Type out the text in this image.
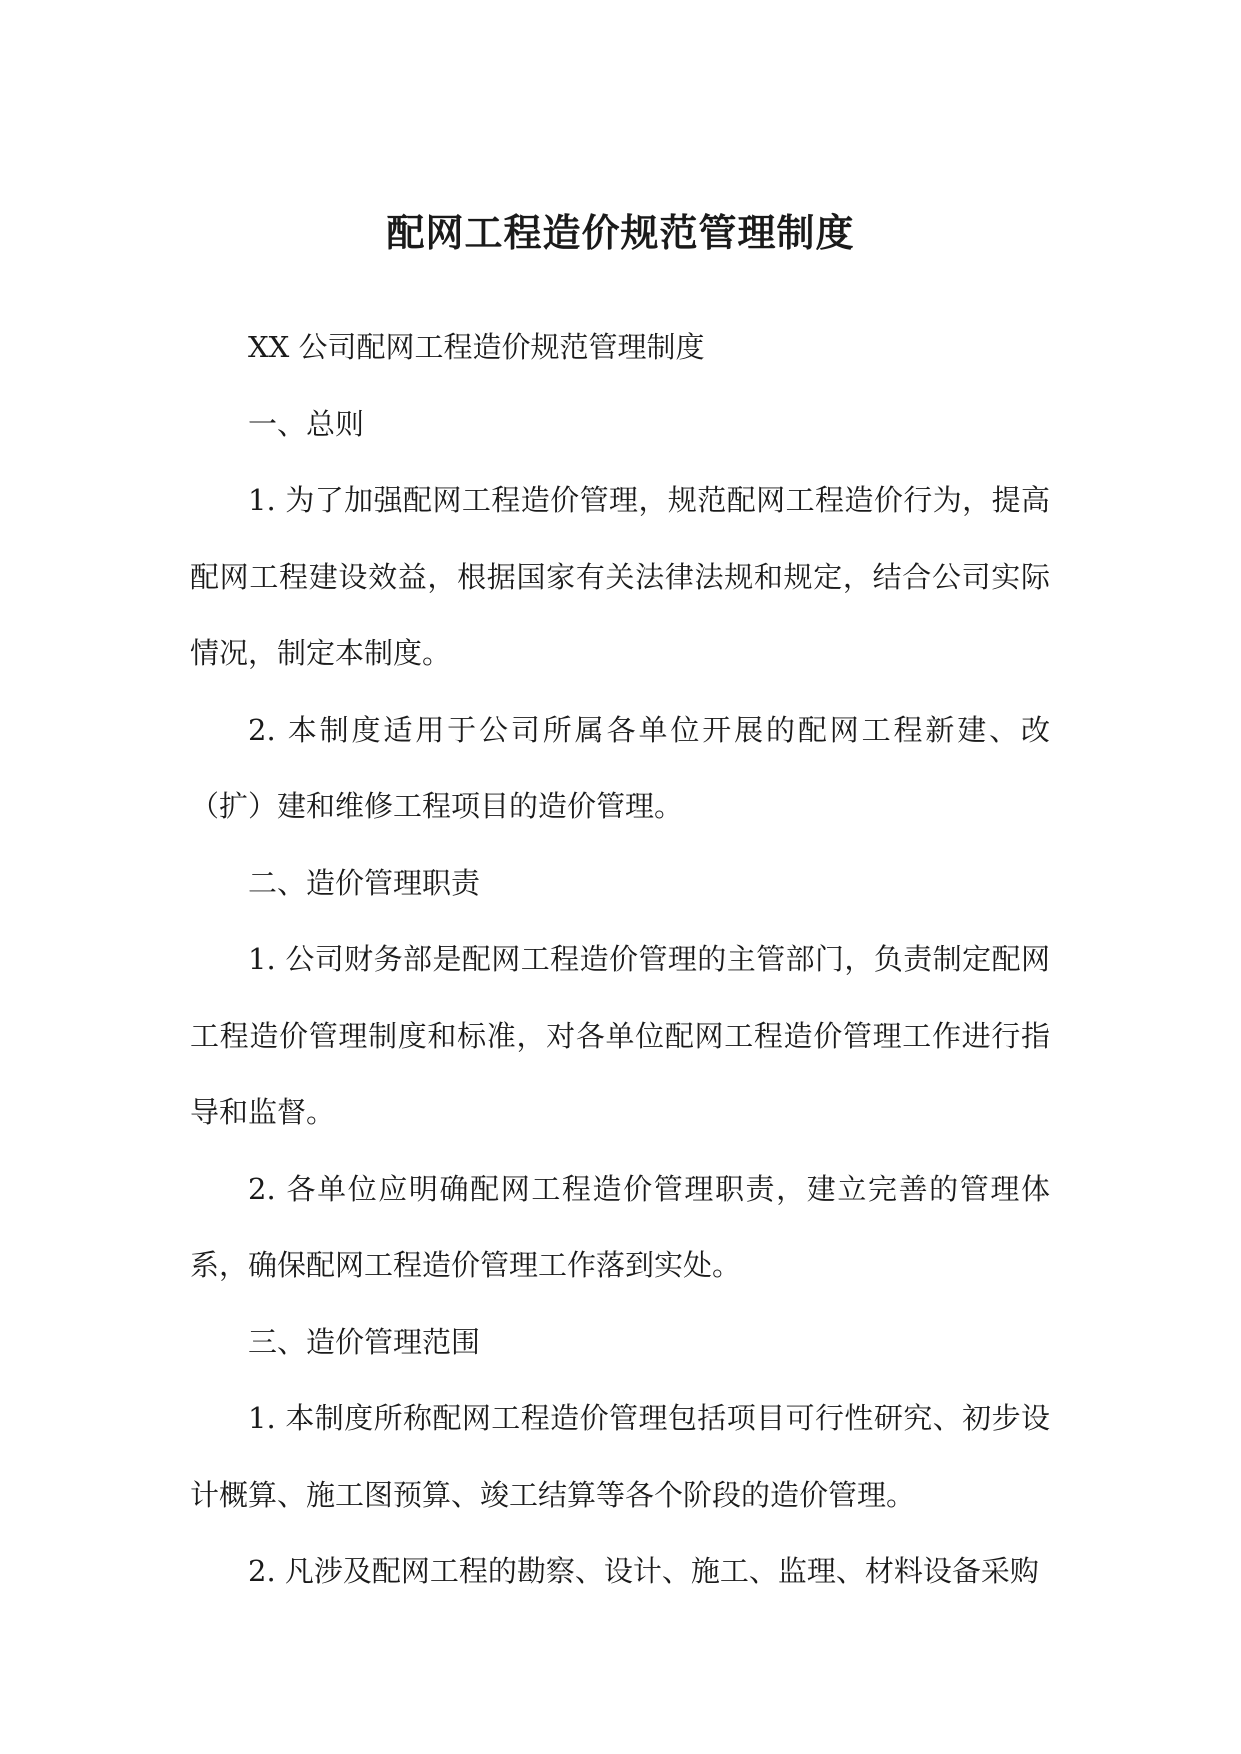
配网工程造价规范管理制度

XX 公司配网工程造价规范管理制度

一、总则

1. 为了加强配网工程造价管理，规范配网工程造价行为，提高配网工程建设效益，根据国家有关法律法规和规定，结合公司实际情况，制定本制度。

2. 本制度适用于公司所属各单位开展的配网工程新建、改（扩）建和维修工程项目的造价管理。

二、造价管理职责

1. 公司财务部是配网工程造价管理的主管部门，负责制定配网工程造价管理制度和标准，对各单位配网工程造价管理工作进行指导和监督。

2. 各单位应明确配网工程造价管理职责，建立完善的管理体系，确保配网工程造价管理工作落到实处。

三、造价管理范围

1. 本制度所称配网工程造价管理包括项目可行性研究、初步设计概算、施工图预算、竣工结算等各个阶段的造价管理。

2. 凡涉及配网工程的勘察、设计、施工、监理、材料设备采购
